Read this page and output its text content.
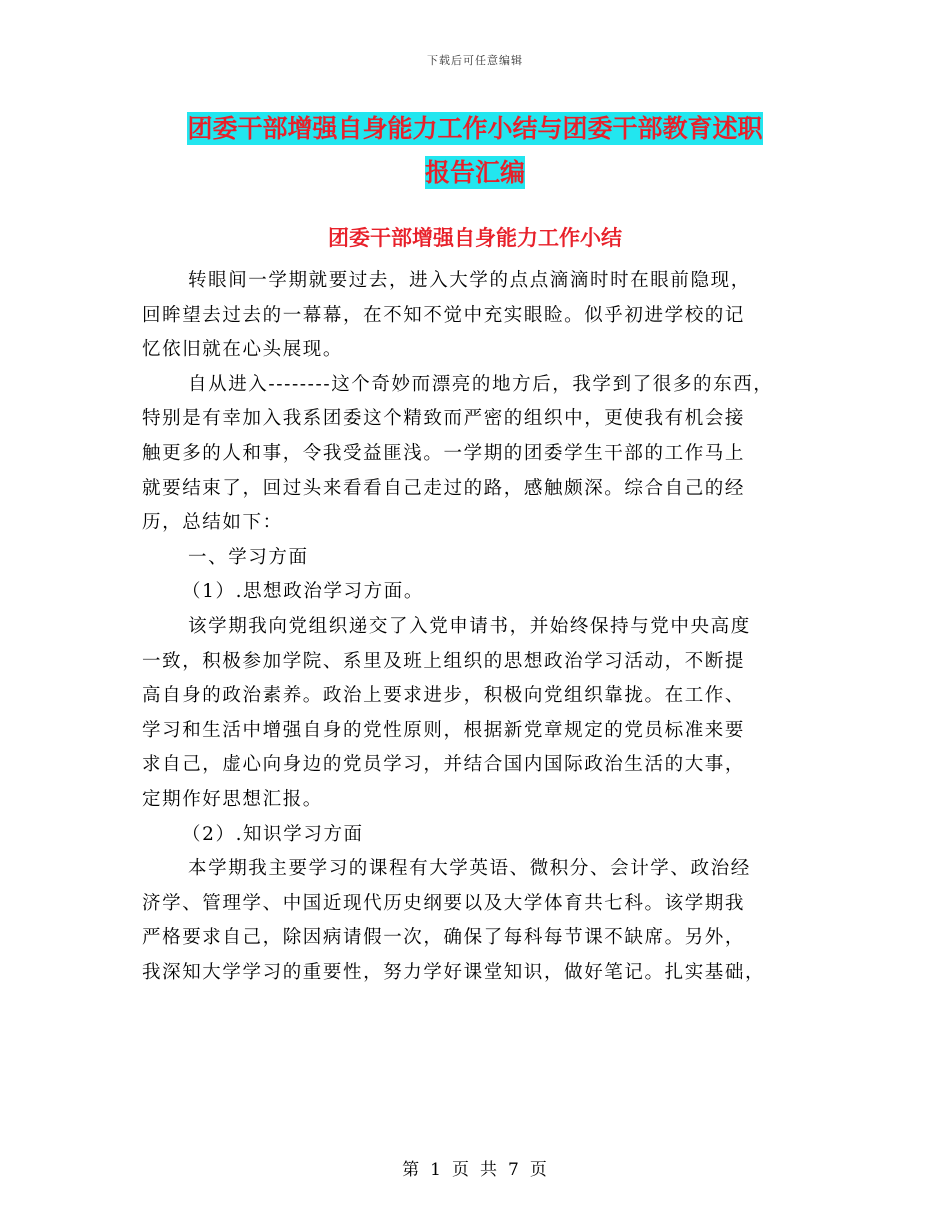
下载后可任意编辑
团委干部增强自身能力工作小结与团委干部教育述职
报告汇编
团委干部增强自身能力工作小结

转眼间一学期就要过去，进入大学的点点滴滴时时在眼前隐现，
回眸望去过去的一幕幕，在不知不觉中充实眼睑。似乎初进学校的记
忆依旧就在心头展现。

自从进入--------这个奇妙而漂亮的地方后，我学到了很多的东西，
特别是有幸加入我系团委这个精致而严密的组织中，更使我有机会接
触更多的人和事，令我受益匪浅。一学期的团委学生干部的工作马上
就要结束了，回过头来看看自己走过的路，感触颇深。综合自己的经
历，总结如下：

一、学习方面

（1）.思想政治学习方面。

该学期我向党组织递交了入党申请书，并始终保持与党中央高度
一致，积极参加学院、系里及班上组织的思想政治学习活动，不断提
高自身的政治素养。政治上要求进步，积极向党组织靠拢。在工作、
学习和生活中增强自身的党性原则，根据新党章规定的党员标准来要
求自己，虚心向身边的党员学习，并结合国内国际政治生活的大事，
定期作好思想汇报。

（2）.知识学习方面

本学期我主要学习的课程有大学英语、微积分、会计学、政治经
济学、管理学、中国近现代历史纲要以及大学体育共七科。该学期我
严格要求自己，除因病请假一次，确保了每科每节课不缺席。另外，
我深知大学学习的重要性，努力学好课堂知识，做好笔记。扎实基础，

第 1 页 共 7 页
